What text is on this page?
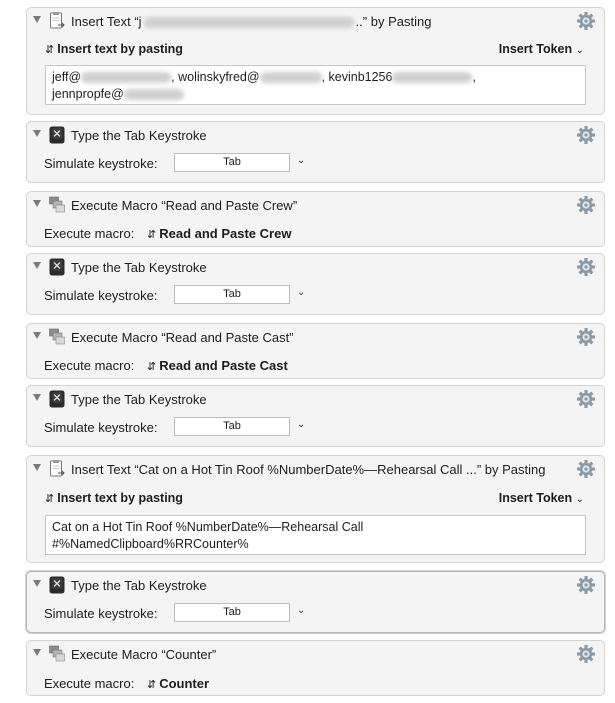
Insert Text “j	..” by Pasting
⇵ Insert text by pasting	Insert Token ⌄
jeff@	, wolinskyfred@	, kevinb1256	,
jennpropfe@
Type the Tab Keystroke
Simulate keystroke:	Tab	⌄
Execute Macro “Read and Paste Crew”
Execute macro: ⇵ Read and Paste Crew
Type the Tab Keystroke
Simulate keystroke:	Tab	⌄
Execute Macro “Read and Paste Cast”
Execute macro: ⇵ Read and Paste Cast
Type the Tab Keystroke
Simulate keystroke:	Tab	⌄
Insert Text “Cat on a Hot Tin Roof %NumberDate%—Rehearsal Call ...” by Pasting
⇵ Insert text by pasting	Insert Token ⌄
Cat on a Hot Tin Roof %NumberDate%—Rehearsal Call
#%NamedClipboard%RRCounter%
Type the Tab Keystroke
Simulate keystroke:	Tab	⌄
Execute Macro “Counter”
Execute macro: ⇵ Counter
